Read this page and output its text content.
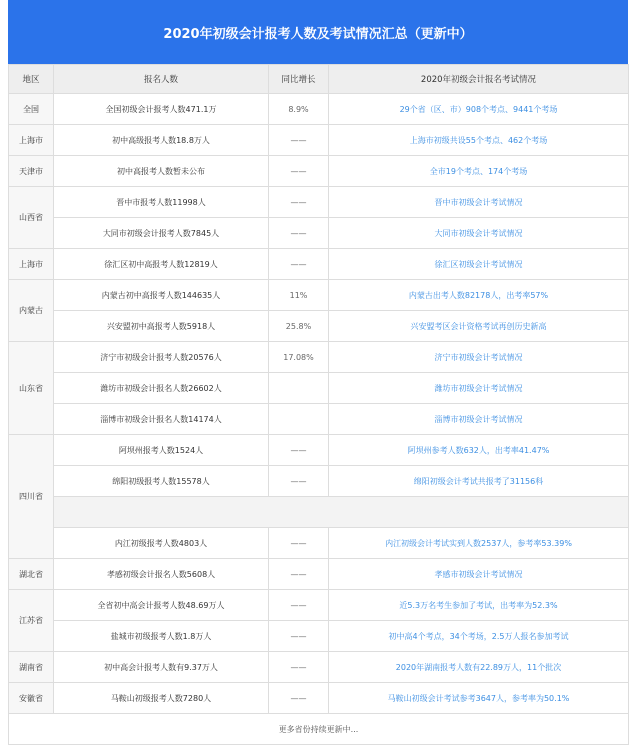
2020年初级会计报考人数及考试情况汇总（更新中）
地区	报名人数	同比增长	2020年初级会计报名考试情况
全国	全国初级会计报考人数471.1万	8.9%	29个省（区、市）908个考点、9441个考场
上海市	初中高级报考人数18.8万人	——	上海市初级共设55个考点、462个考场
天津市	初中高报考人数暂未公布	——	全市19个考点、174个考场
山西省	晋中市报考人数11998人	——	晋中市初级会计考试情况
	大同市初级会计报考人数7845人	——	大同市初级会计考试情况
上海市	徐汇区初中高报考人数12819人	——	徐汇区初级会计考试情况
内蒙古	内蒙古初中高报考人数144635人	11%	内蒙古出考人数82178人，出考率57%
	兴安盟初中高报考人数5918人	25.8%	兴安盟考区会计资格考试再创历史新高
山东省	济宁市初级会计报考人数20576人	17.08%	济宁市初级会计考试情况
	潍坊市初级会计报名人数26602人		潍坊市初级会计考试情况
	淄博市初级会计报名人数14174人		淄博市初级会计考试情况
四川省	阿坝州报考人数1524人	——	阿坝州参考人数632人，出考率41.47%
	绵阳初级报考人数15578人	——	绵阳初级会计考试共报考了31156科

	内江初级报考人数4803人	——	内江初级会计考试实到人数2537人，参考率53.39%
湖北省	孝感初级会计报名人数5608人	——	孝感市初级会计考试情况
江苏省	全省初中高会计报考人数48.69万人	——	近5.3万名考生参加了考试，出考率为52.3%
	盐城市初级报考人数1.8万人	——	初中高4个考点，34个考场，2.5万人报名参加考试
湖南省	初中高会计报考人数有9.37万人	——	2020年湖南报考人数有22.89万人，11个批次
安徽省	马鞍山初级报考人数7280人	——	马鞍山初级会计考试参考3647人，参考率为50.1%
更多省份持续更新中...			
